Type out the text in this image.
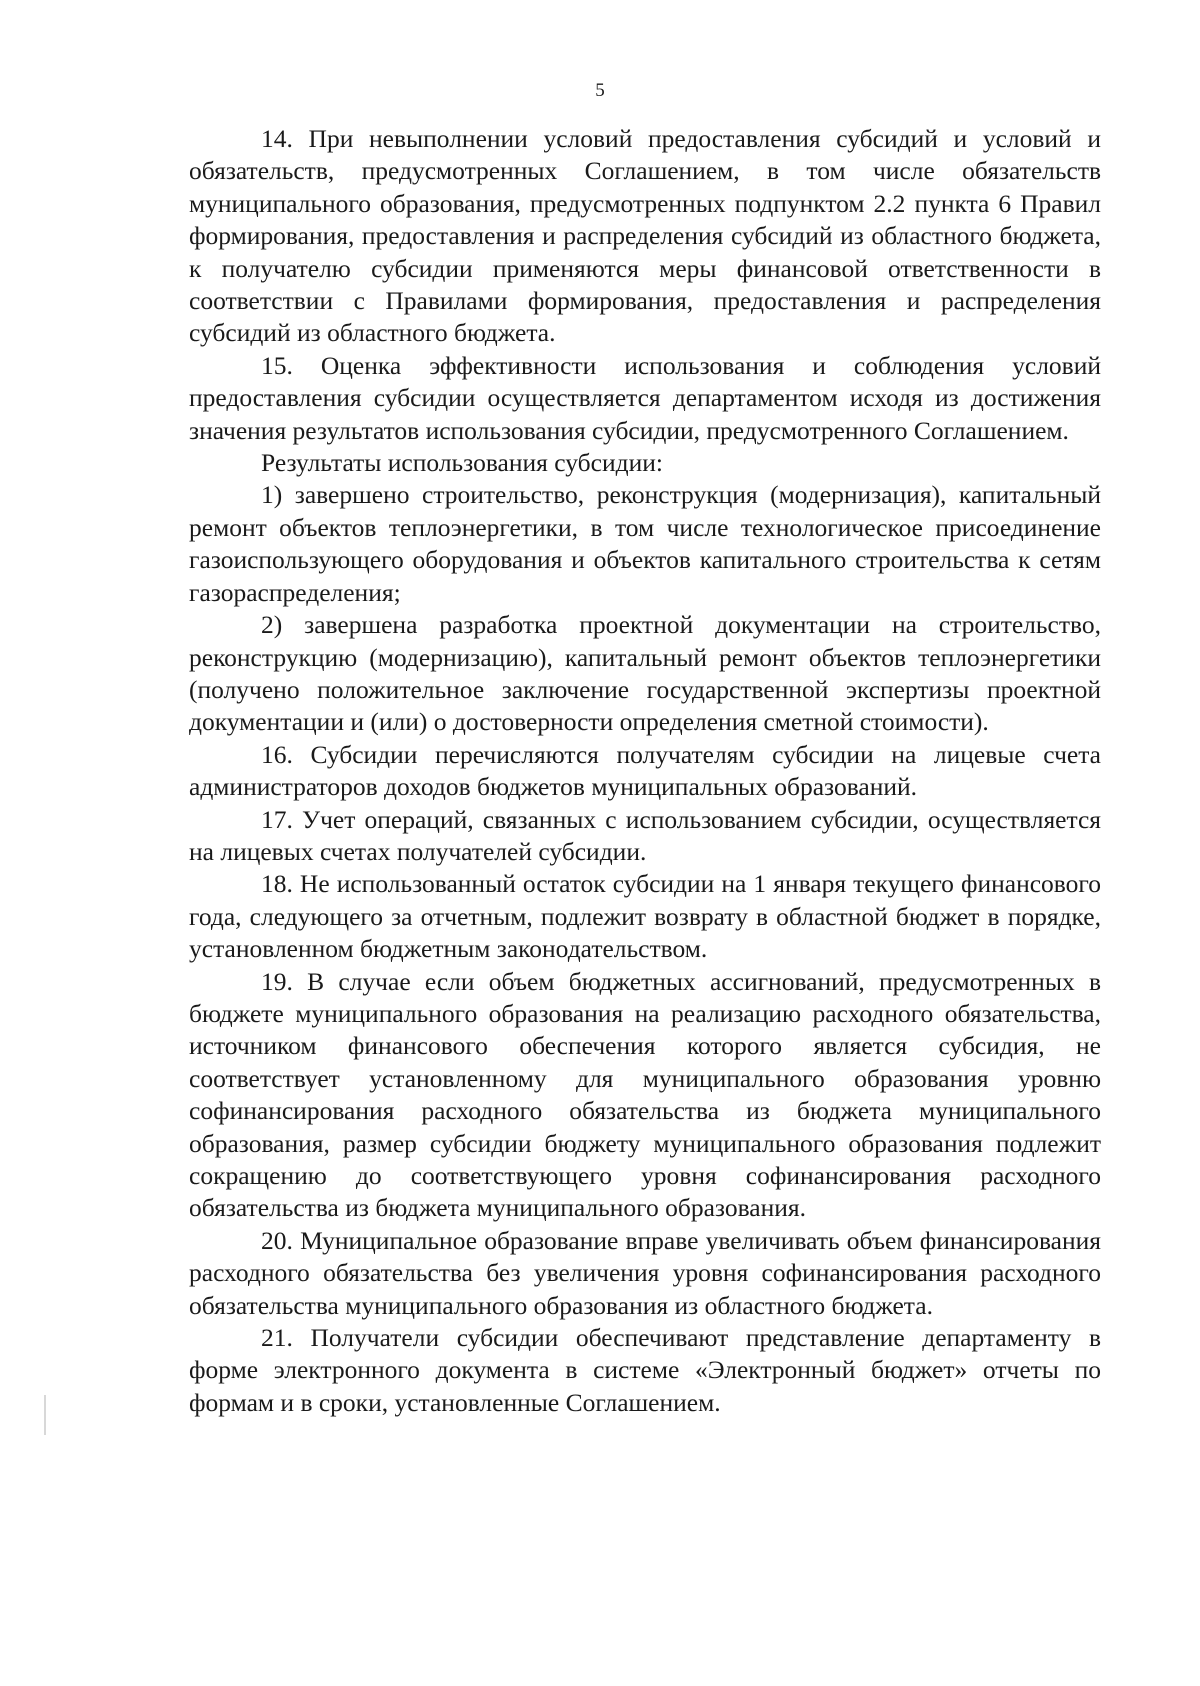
5

14. При невыполнении условий предоставления субсидий и условий и обязательств, предусмотренных Соглашением, в том числе обязательств муниципального образования, предусмотренных подпунктом 2.2 пункта 6 Правил формирования, предоставления и распределения субсидий из областного бюджета, к получателю субсидии применяются меры финансовой ответственности в соответствии с Правилами формирования, предоставления и распределения субсидий из областного бюджета.

15. Оценка эффективности использования и соблюдения условий предоставления субсидии осуществляется департаментом исходя из достижения значения результатов использования субсидии, предусмотренного Соглашением.

Результаты использования субсидии:

1) завершено строительство, реконструкция (модернизация), капитальный ремонт объектов теплоэнергетики, в том числе технологическое присоединение газоиспользующего оборудования и объектов капитального строительства к сетям газораспределения;

2) завершена разработка проектной документации на строительство, реконструкцию (модернизацию), капитальный ремонт объектов теплоэнергетики (получено положительное заключение государственной экспертизы проектной документации и (или) о достоверности определения сметной стоимости).

16. Субсидии перечисляются получателям субсидии на лицевые счета администраторов доходов бюджетов муниципальных образований.

17. Учет операций, связанных с использованием субсидии, осуществляется на лицевых счетах получателей субсидии.

18. Не использованный остаток субсидии на 1 января текущего финансового года, следующего за отчетным, подлежит возврату в областной бюджет в порядке, установленном бюджетным законодательством.

19. В случае если объем бюджетных ассигнований, предусмотренных в бюджете муниципального образования на реализацию расходного обязательства, источником финансового обеспечения которого является субсидия, не соответствует установленному для муниципального образования уровню софинансирования расходного обязательства из бюджета муниципального образования, размер субсидии бюджету муниципального образования подлежит сокращению до соответствующего уровня софинансирования расходного обязательства из бюджета муниципального образования.

20. Муниципальное образование вправе увеличивать объем финансирования расходного обязательства без увеличения уровня софинансирования расходного обязательства муниципального образования из областного бюджета.

21. Получатели субсидии обеспечивают представление департаменту в форме электронного документа в системе «Электронный бюджет» отчеты по формам и в сроки, установленные Соглашением.
